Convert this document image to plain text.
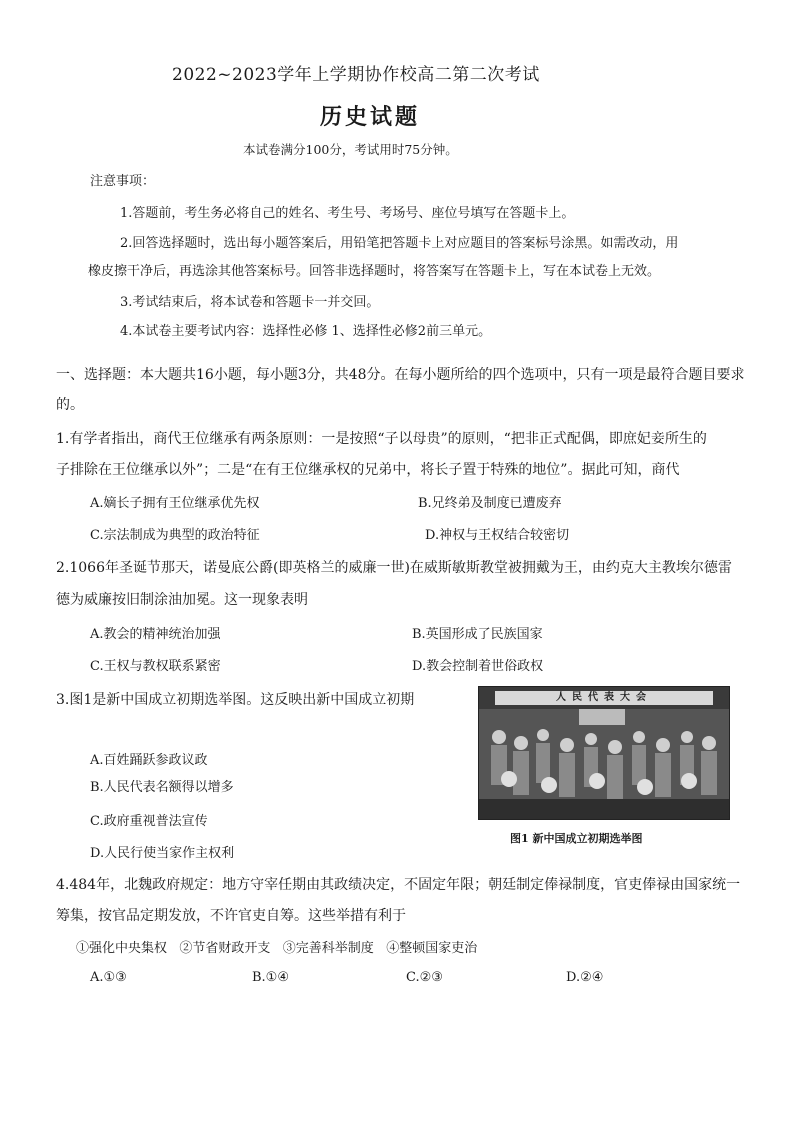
2022~2023学年上学期协作校高二第二次考试
历史试题
本试卷满分100分，考试用时75分钟。
注意事项：
1.答题前，考生务必将自己的姓名、考生号、考场号、座位号填写在答题卡上。
2.回答选择题时，选出每小题答案后，用铅笔把答题卡上对应题目的答案标号涂黑。如需改动，用
橡皮擦干净后，再选涂其他答案标号。回答非选择题时，将答案写在答题卡上，写在本试卷上无效。
3.考试结束后，将本试卷和答题卡一并交回。
4.本试卷主要考试内容：选择性必修 1、选择性必修2前三单元。
一、选择题：本大题共16小题，每小题3分，共48分。在每小题所给的四个选项中，只有一项是最符合题目要求
的。
1.有学者指出，商代王位继承有两条原则：一是按照“子以母贵”的原则，“把非正式配偶，即庶妃妾所生的
子排除在王位继承以外”；二是“在有王位继承权的兄弟中，将长子置于特殊的地位”。据此可知，商代
A.嫡长子拥有王位继承优先权	B.兄终弟及制度已遭废弃
C.宗法制成为典型的政治特征	D.神权与王权结合较密切
2.1066年圣诞节那天，诺曼底公爵(即英格兰的威廉一世)在威斯敏斯教堂被拥戴为王，由约克大主教埃尔德雷
德为威廉按旧制涂油加冕。这一现象表明
A.教会的精神统治加强	B.英国形成了民族国家
C.王权与教权联系紧密	D.教会控制着世俗政权
3.图1是新中国成立初期选举图。这反映出新中国成立初期
A.百姓踊跃参政议政
B.人民代表名额得以增多
C.政府重视普法宣传
D.人民行使当家作主权利
人民代表大会
图1 新中国成立初期选举图
4.484年，北魏政府规定：地方守宰任期由其政绩决定，不固定年限；朝廷制定俸禄制度，官吏俸禄由国家统一
筹集，按官品定期发放，不许官吏自筹。这些举措有利于
①强化中央集权   ②节省财政开支   ③完善科举制度   ④整顿国家吏治
A.①③	B.①④	C.②③	D.②④
